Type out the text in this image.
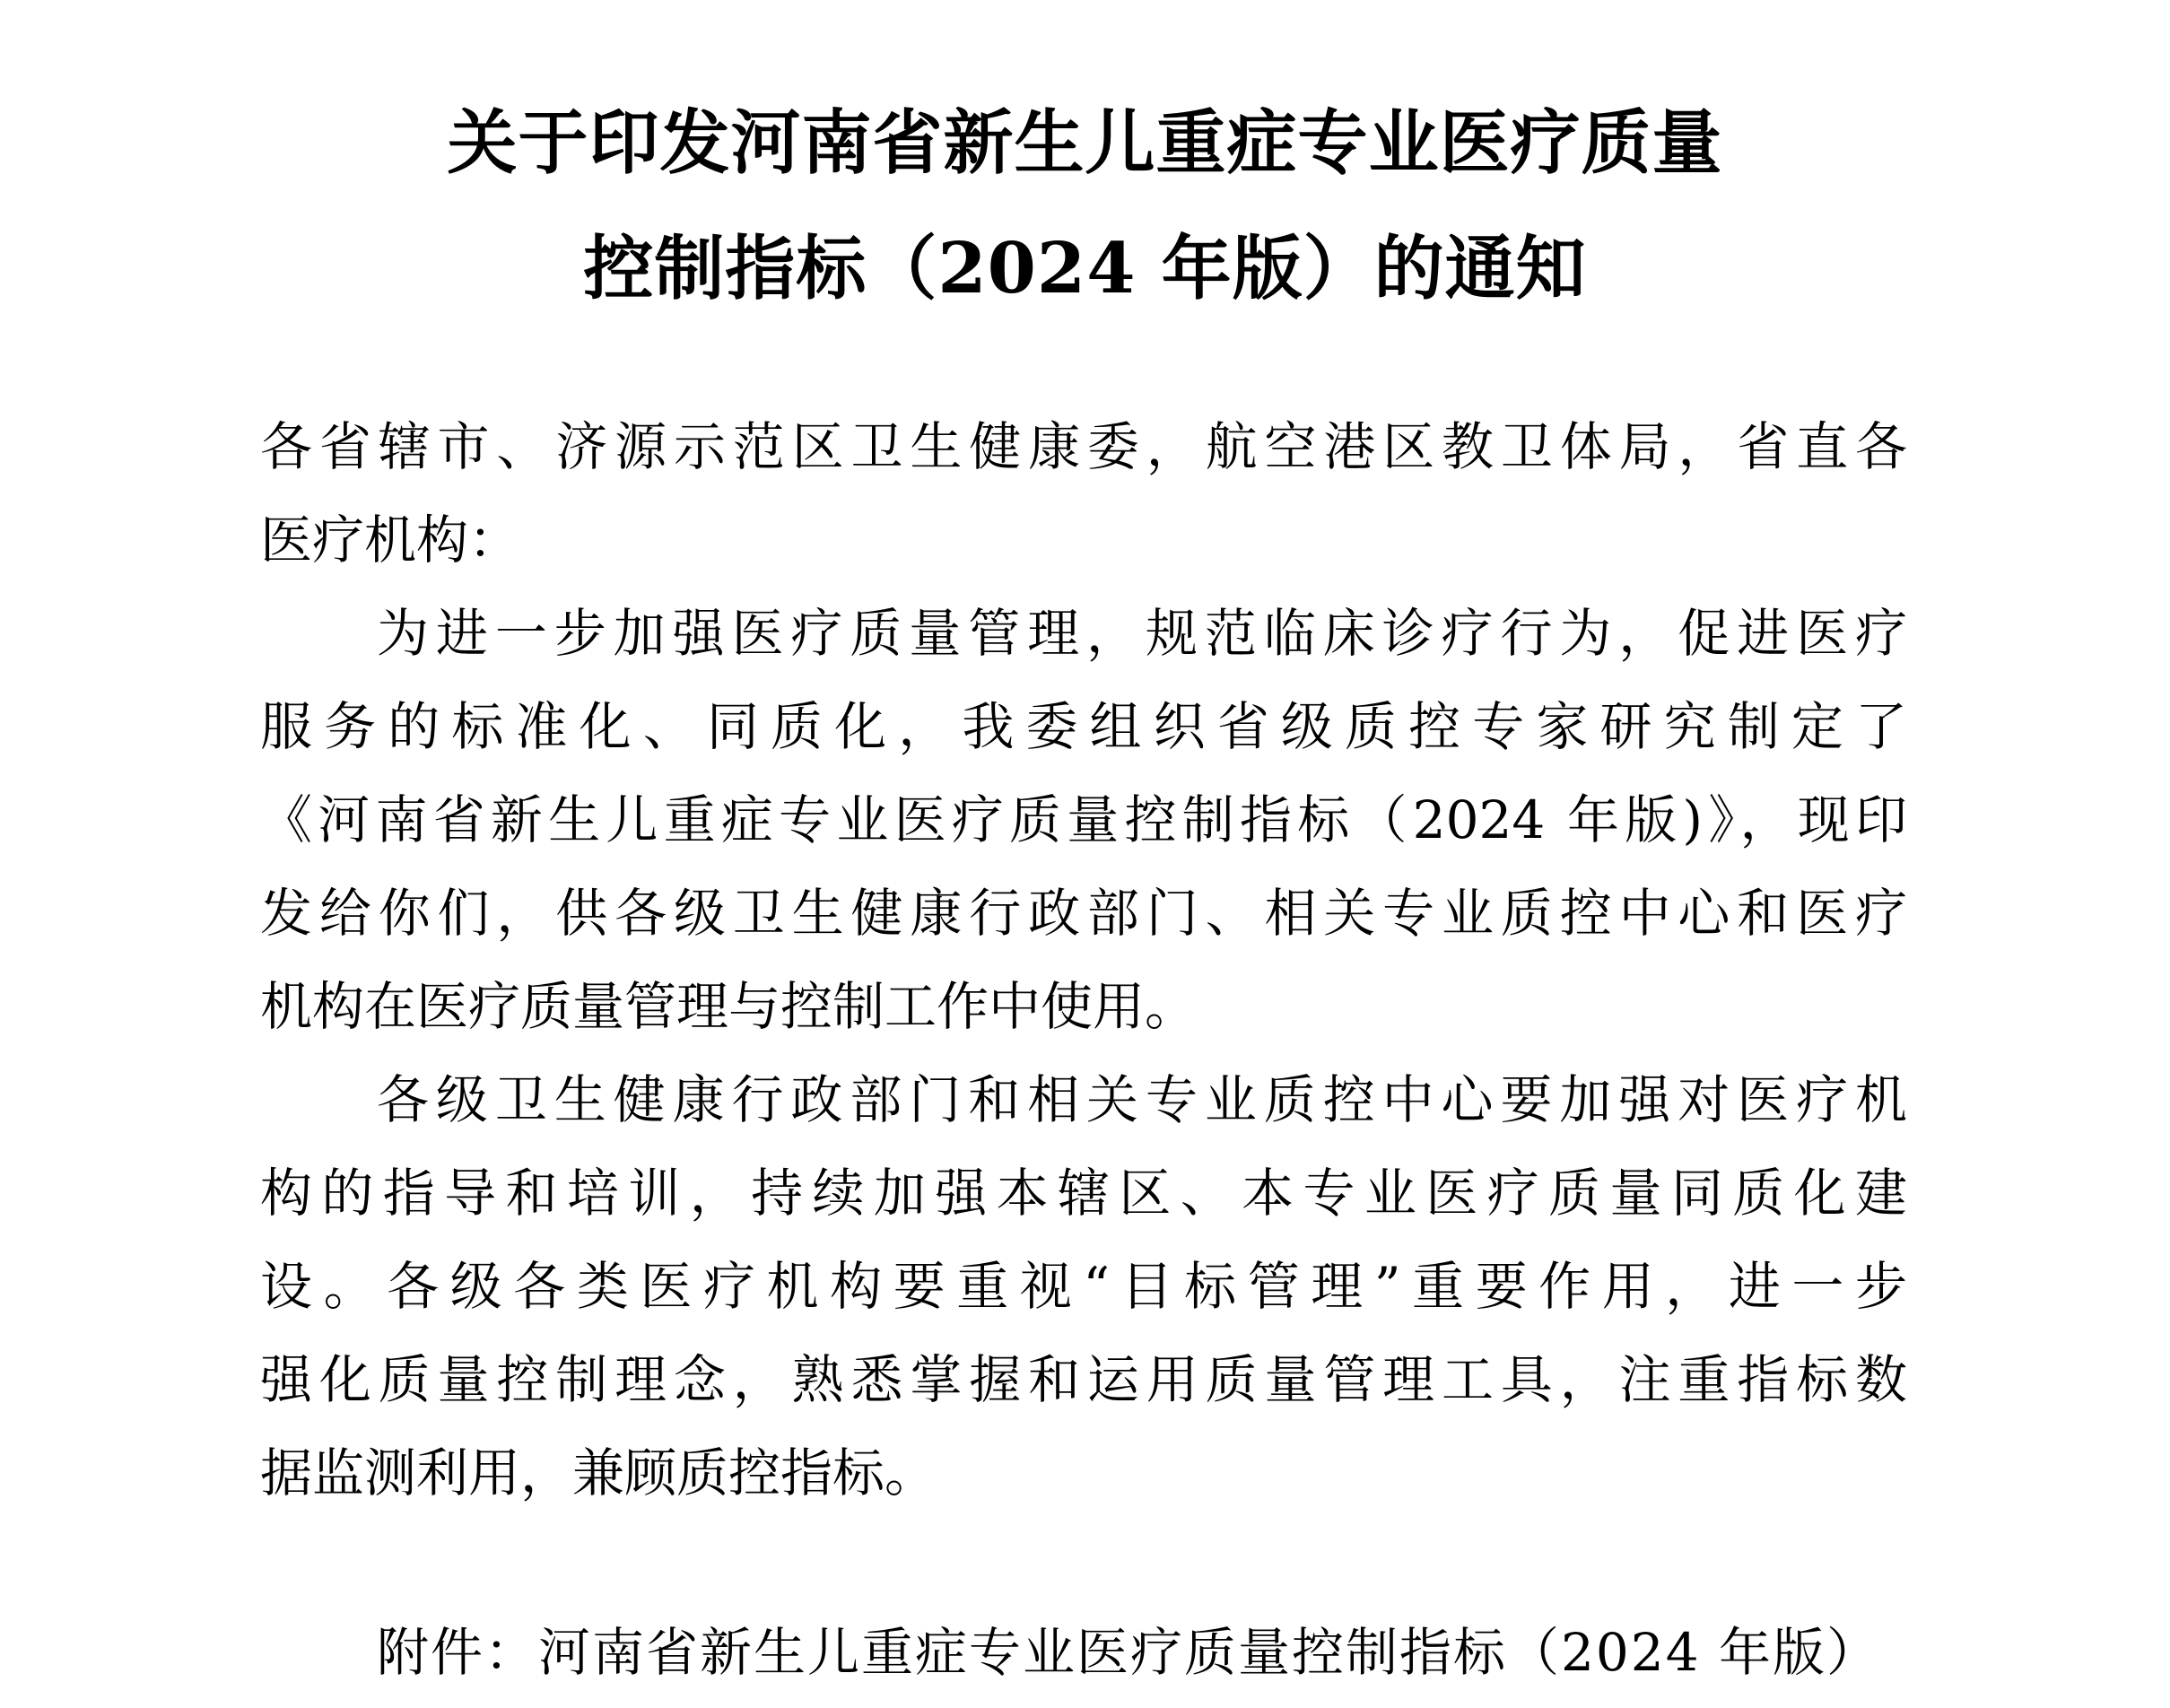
关于印发河南省新生儿重症专业医疗质量
控制指标（2024 年版）的通知
各省辖市、济源示范区卫生健康委，航空港区教卫体局，省直各
医疗机构：
为进一步加强医疗质量管理，规范临床诊疗行为，促进医疗
服务的标准化、同质化，我委组织省级质控专家研究制定了
《河南省新生儿重症专业医疗质量控制指标（2024 年版)》，现印
发给你们，供各级卫生健康行政部门、相关专业质控中心和医疗
机构在医疗质量管理与控制工作中使用。
各级卫生健康行政部门和相关专业质控中心要加强对医疗机
构的指导和培训，持续加强本辖区、本专业医疗质量同质化建
设。各级各类医疗机构要重视“目标管理”重要作用，进一步
强化质量控制理念，熟悉掌握和运用质量管理工具，注重指标数
据监测利用，兼顾质控指标。
附件：河南省新生儿重症专业医疗质量控制指标（2024 年版）
